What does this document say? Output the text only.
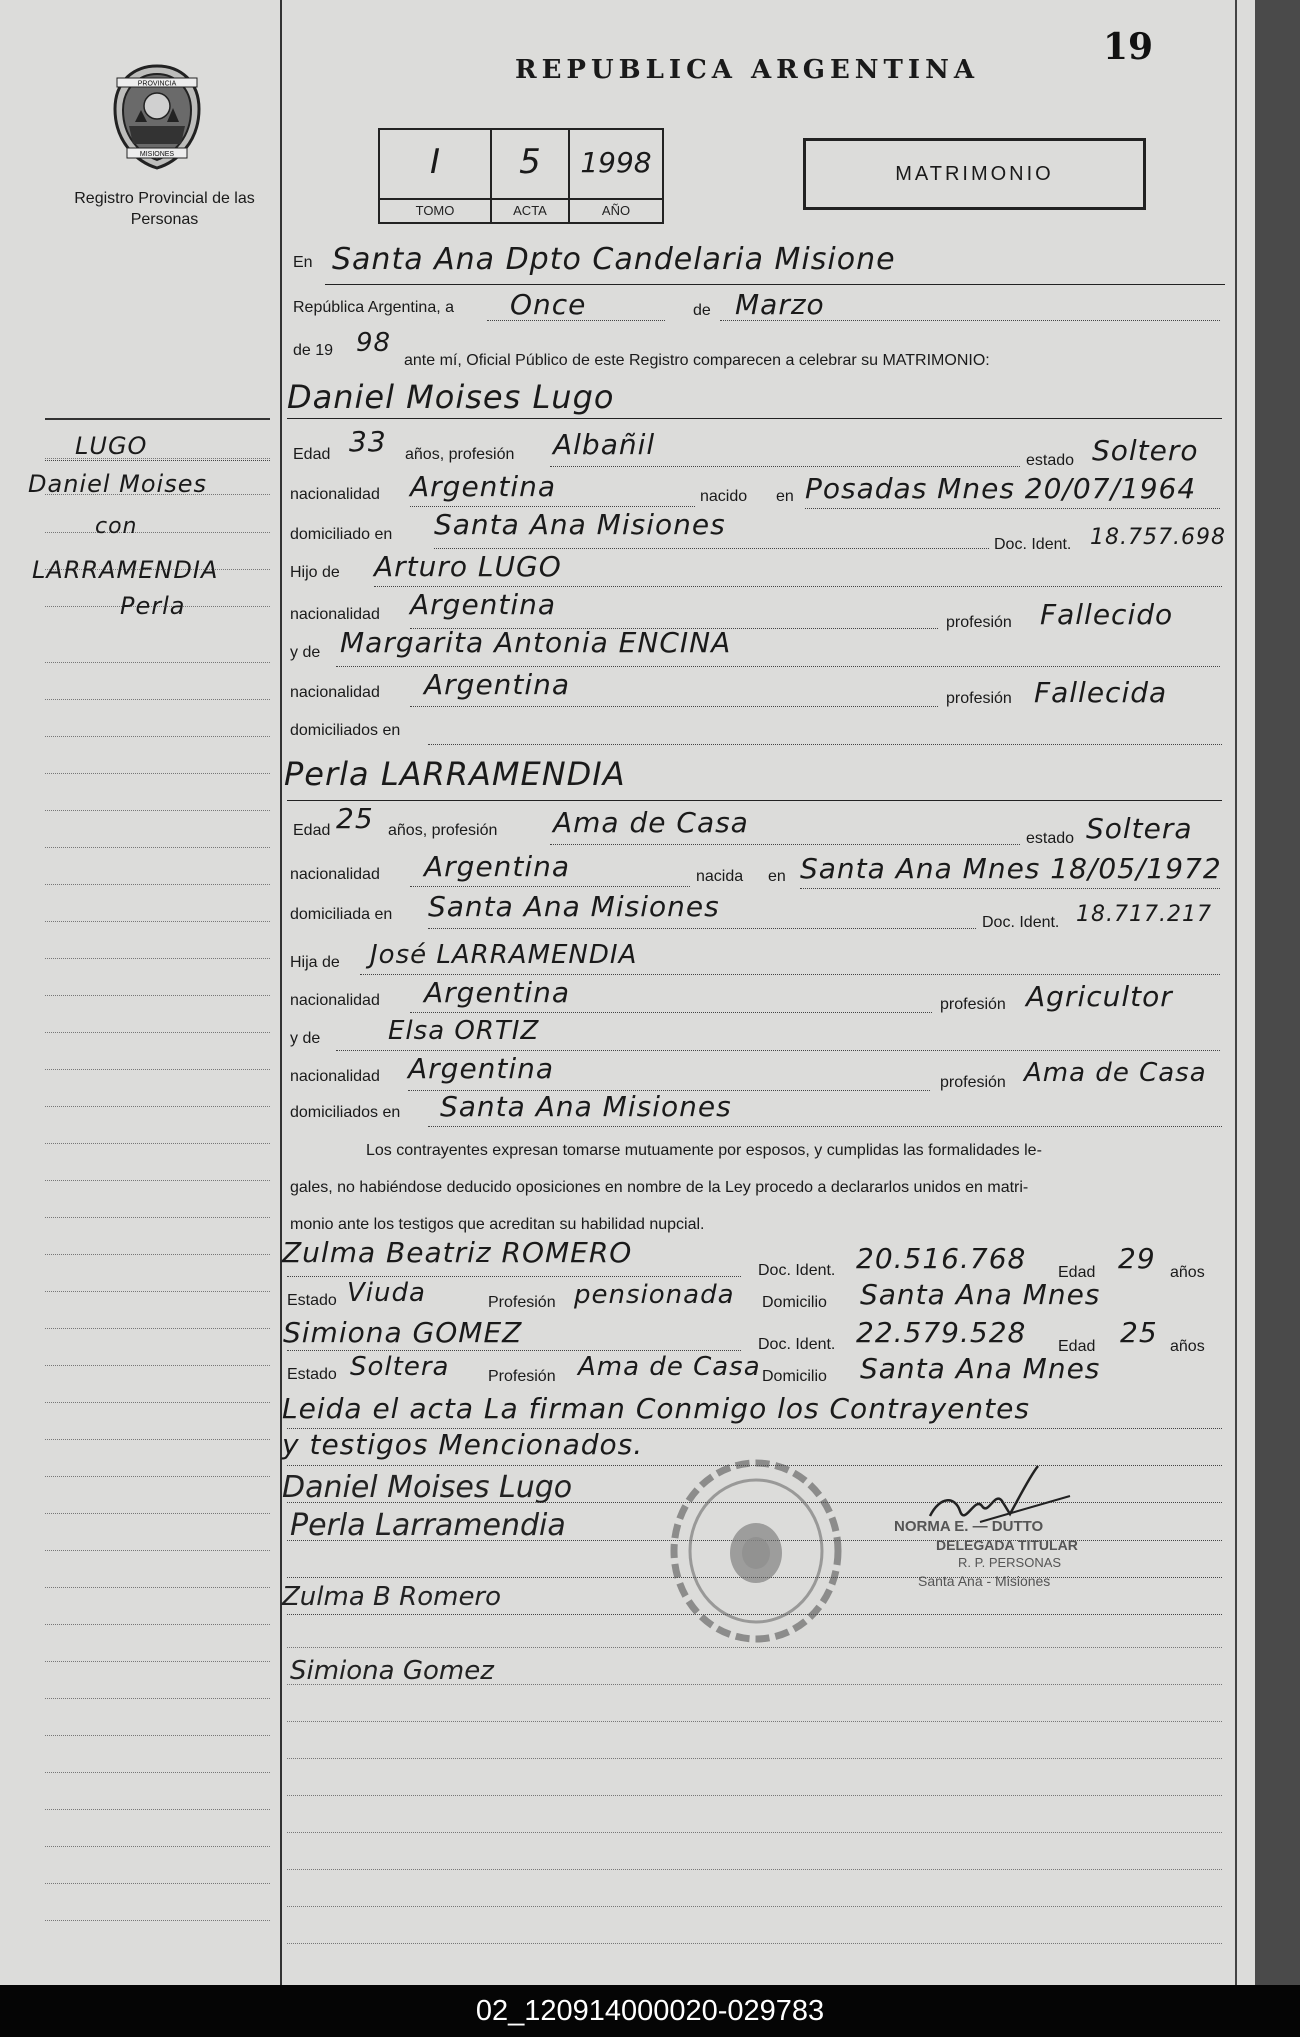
19
REPUBLICA ARGENTINA
PROVINCIA
MISIONES
Registro Provincial de las Personas
I
TOMO
5
ACTA
1998
AÑO
MATRIMONIO
LUGO
Daniel Moises
con
LARRAMENDIA
Perla
En Santa Ana Dpto Candelaria Misione
República Argentina, a Once	de Marzo
de 19 98
ante mí, Oficial Público de este Registro comparecen a celebrar su MATRIMONIO:
Daniel Moises Lugo
Edad 33 años, profesión Albañil	estado Soltero
nacionalidad Argentina	nacido en Posadas Mnes 20/07/1964
domiciliado en Santa Ana Misiones
Doc. Ident. 18.757.698
Hijo de Arturo LUGO
nacionalidad Argentina
profesión Fallecido
y de Margarita Antonia ENCINA
nacionalidad Argentina	profesión Fallecida
domiciliados en
Perla LARRAMENDIA
Edad 25 años, profesión Ama de Casa	estado Soltera
nacionalidad Argentina	nacida en Santa Ana Mnes 18/05/1972
domiciliada en Santa Ana Misiones	Doc. Ident. 18.717.217
Hija de José LARRAMENDIA
nacionalidad Argentina	profesión Agricultor
y de	Elsa ORTIZ
nacionalidad Argentina	profesión Ama de Casa
domiciliados en Santa Ana Misiones
Los contrayentes expresan tomarse mutuamente por esposos, y cumplidas las formalidades le-
gales, no habiéndose deducido oposiciones en nombre de la Ley procedo a declararlos unidos en matri-
monio ante los testigos que acreditan su habilidad nupcial.
Zulma Beatriz ROMERO
Doc. Ident. 20.516.768 Edad 29 años
Estado Viuda	Profesión pensionada Domicilio Santa Ana Mnes
Simiona GOMEZ	Doc. Ident. 22.579.528 Edad 25 años
Estado Soltera Profesión Ama de Casa Domicilio Santa Ana Mnes
Leida el acta La firman Conmigo los Contrayentes
y testigos Mencionados.
Daniel Moises Lugo
Perla Larramendia
Zulma B Romero
Simiona Gomez
NORMA E. — DUTTO
DELEGADA TITULAR
R. P. PERSONAS
Santa Ana - Misiones
02_120914000020-029783
